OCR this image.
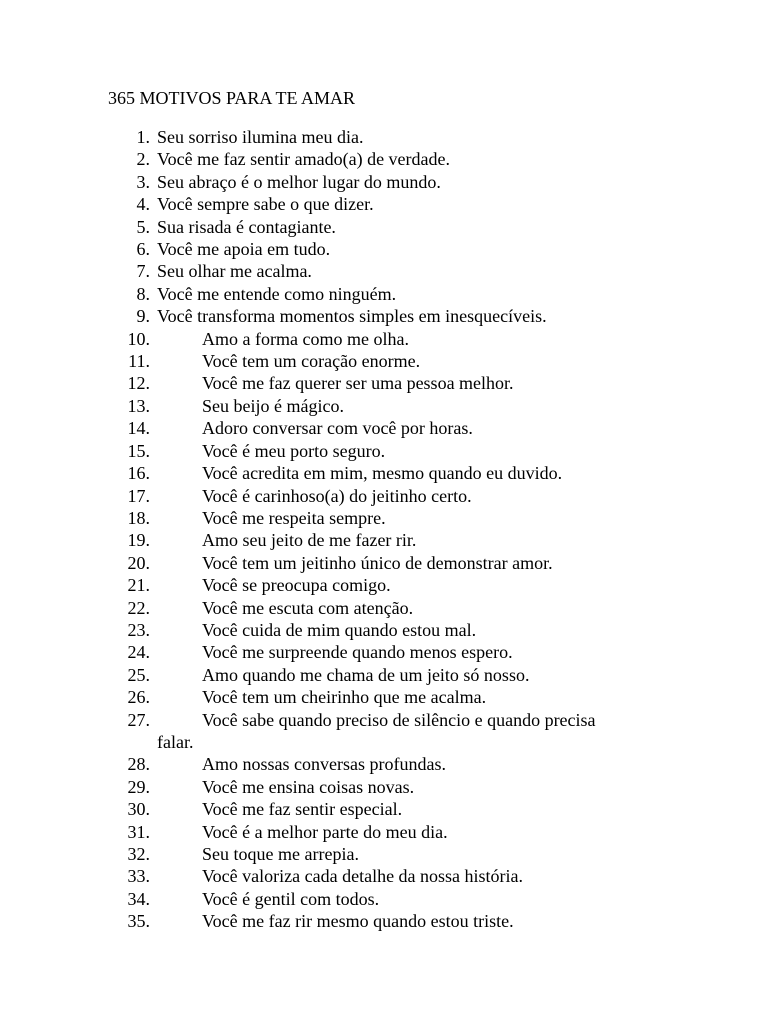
365 MOTIVOS PARA TE AMAR
1. Seu sorriso ilumina meu dia.
2. Você me faz sentir amado(a) de verdade.
3. Seu abraço é o melhor lugar do mundo.
4. Você sempre sabe o que dizer.
5. Sua risada é contagiante.
6. Você me apoia em tudo.
7. Seu olhar me acalma.
8. Você me entende como ninguém.
9. Você transforma momentos simples em inesquecíveis.
10.	Amo a forma como me olha.
11.	Você tem um coração enorme.
12.	Você me faz querer ser uma pessoa melhor.
13.	Seu beijo é mágico.
14.	Adoro conversar com você por horas.
15.	Você é meu porto seguro.
16.	Você acredita em mim, mesmo quando eu duvido.
17.	Você é carinhoso(a) do jeitinho certo.
18.	Você me respeita sempre.
19.	Amo seu jeito de me fazer rir.
20.	Você tem um jeitinho único de demonstrar amor.
21.	Você se preocupa comigo.
22.	Você me escuta com atenção.
23.	Você cuida de mim quando estou mal.
24.	Você me surpreende quando menos espero.
25.	Amo quando me chama de um jeito só nosso.
26.	Você tem um cheirinho que me acalma.
27.	Você sabe quando preciso de silêncio e quando precisa
falar.
28.	Amo nossas conversas profundas.
29.	Você me ensina coisas novas.
30.	Você me faz sentir especial.
31.	Você é a melhor parte do meu dia.
32.	Seu toque me arrepia.
33.	Você valoriza cada detalhe da nossa história.
34.	Você é gentil com todos.
35.	Você me faz rir mesmo quando estou triste.
